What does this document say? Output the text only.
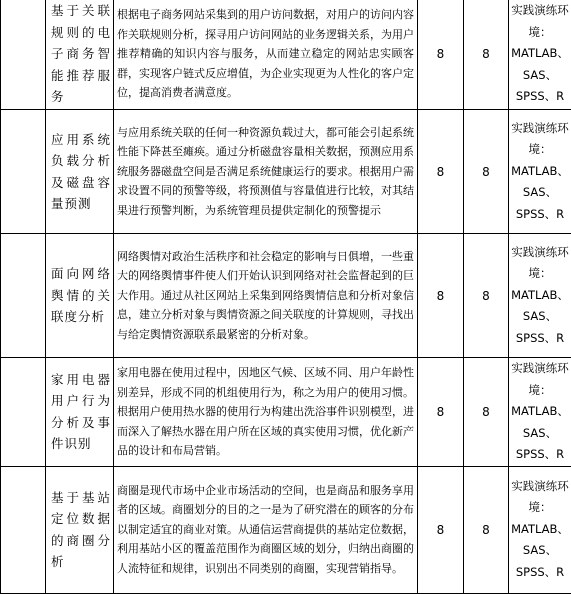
	基于关联规则的电子商务智能推荐服务	根据电子商务网站采集到的用户访问数据，对用户的访问内容作关联规则分析，探寻用户访问网站的业务逻辑关系，为用户推荐精确的知识内容与服务，从而建立稳定的网站忠实顾客群，实现客户链式反应增值，为企业实现更为人性化的客户定位，提高消费者满意度。	8	8	实践演练环境：
MATLAB、SAS、SPSS、R

	应用系统负载分析及磁盘容量预测	与应用系统关联的任何一种资源负载过大，都可能会引起系统性能下降甚至瘫痪。通过分析磁盘容量相关数据，预测应用系统服务器磁盘空间是否满足系统健康运行的要求。根据用户需求设置不同的预警等级，将预测值与容量值进行比较，对其结果进行预警判断，为系统管理员提供定制化的预警提示	8	8	实践演练环境：
MATLAB、SAS、SPSS、R

	面向网络舆情的关联度分析	网络舆情对政治生活秩序和社会稳定的影响与日俱增，一些重大的网络舆情事件使人们开始认识到网络对社会监督起到的巨大作用。通过从社区网站上采集到网络舆情信息和分析对象信息，建立分析对象与舆情资源之间关联度的计算规则，寻找出与给定舆情资源联系最紧密的分析对象。	8	8	实践演练环境：
MATLAB、SAS、SPSS、R

	家用电器用户行为分析及事件识别	家用电器在使用过程中，因地区气候、区域不同、用户年龄性别差异，形成不同的机组使用行为，称之为用户的使用习惯。根据用户使用热水器的使用行为构建出洗浴事件识别模型，进而深入了解热水器在用户所在区域的真实使用习惯，优化新产品的设计和布局营销。	8	8	实践演练环境：
MATLAB、SAS、SPSS、R

	基于基站定位数据的商圈分析	商圈是现代市场中企业市场活动的空间，也是商品和服务享用者的区域。商圈划分的目的之一是为了研究潜在的顾客的分布以制定适宜的商业对策。从通信运营商提供的基站定位数据，利用基站小区的覆盖范围作为商圈区域的划分，归纳出商圈的人流特征和规律，识别出不同类别的商圈，实现营销指导。	8	8	实践演练环境：
MATLAB、SAS、SPSS、R
